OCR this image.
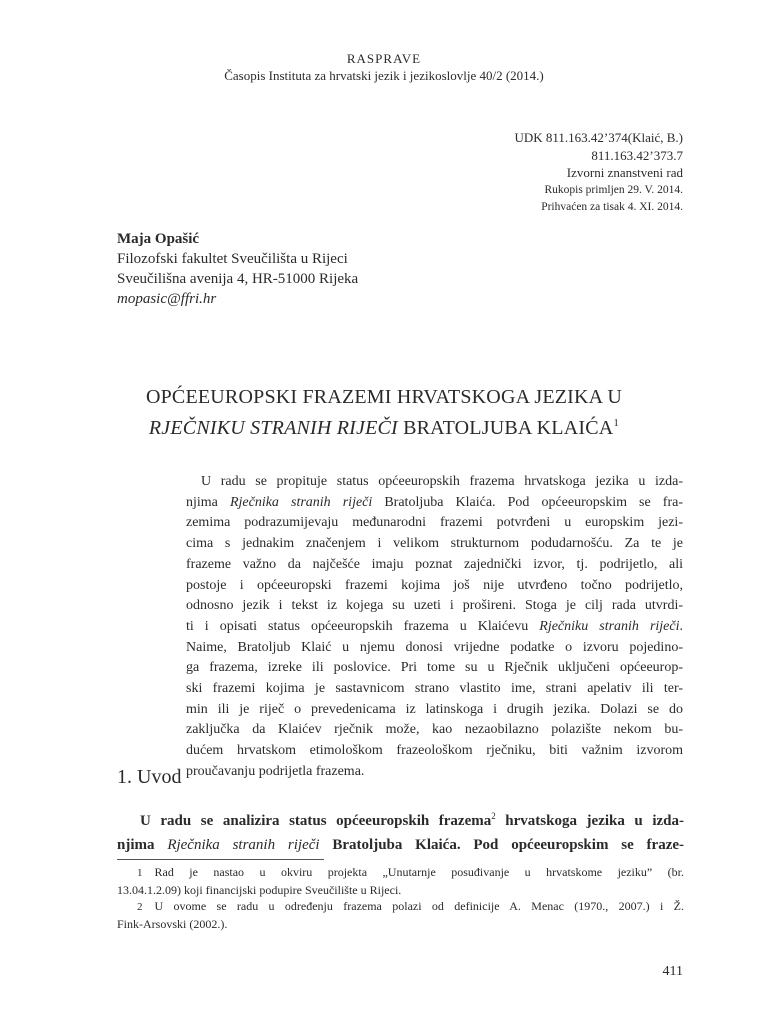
RASPRAVE
Časopis Instituta za hrvatski jezik i jezikoslovlje 40/2 (2014.)
UDK 811.163.42’374(Klaić, B.)
811.163.42’373.7
Izvorni znanstveni rad
Rukopis primljen 29. V. 2014.
Prihvaćen za tisak 4. XI. 2014.
Maja Opašić
Filozofski fakultet Sveučilišta u Rijeci
Sveučilišna avenija 4, HR-51000 Rijeka
mopasic@ffri.hr
OPĆEEUROPSKI FRAZEMI HRVATSKOGA JEZIKA U
RJEČNIKU STRANIH RIJEČI BRATOLJUBA KLAIĆA$^1$
U radu se propituje status općeeuropskih frazema hrvatskoga jezika u izda-
njima Rječnika stranih riječi Bratoljuba Klaića. Pod općeeuropskim se fra-
zemima podrazumijevaju međunarodni frazemi potvrđeni u europskim jezi-
cima s jednakim značenjem i velikom strukturnom podudarnošću. Za te je
frazeme važno da najčešće imaju poznat zajednički izvor, tj. podrijetlo, ali
postoje i općeeuropski frazemi kojima još nije utvrđeno točno podrijetlo,
odnosno jezik i tekst iz kojega su uzeti i prošireni. Stoga je cilj rada utvrdi-
ti i opisati status općeeuropskih frazema u Klaićevu Rječniku stranih riječi.
Naime, Bratoljub Klaić u njemu donosi vrijedne podatke o izvoru pojedino-
ga frazema, izreke ili poslovice. Pri tome su u Rječnik uključeni općeeurop-
ski frazemi kojima je sastavnicom strano vlastito ime, strani apelativ ili ter-
min ili je riječ o prevedenicama iz latinskoga i drugih jezika. Dolazi se do
zaključka da Klaićev rječnik može, kao nezaobilazno polazište nekom bu-
dućem hrvatskom etimološkom frazeološkom rječniku, biti važnim izvorom
proučavanju podrijetla frazema.
1. Uvod
U radu se analizira status općeeuropskih frazema$^2$ hrvatskoga jezika u izda-
njima Rječnika stranih riječi Bratoljuba Klaića. Pod općeeuropskim se fraze-
1 Rad je nastao u okviru projekta „Unutarnje posuđivanje u hrvatskome jeziku” (br.
13.04.1.2.09) koji financijski podupire Sveučilište u Rijeci.
2 U ovome se radu u određenju frazema polazi od definicije A. Menac (1970., 2007.) i Ž.
Fink-Arsovski (2002.).
411
